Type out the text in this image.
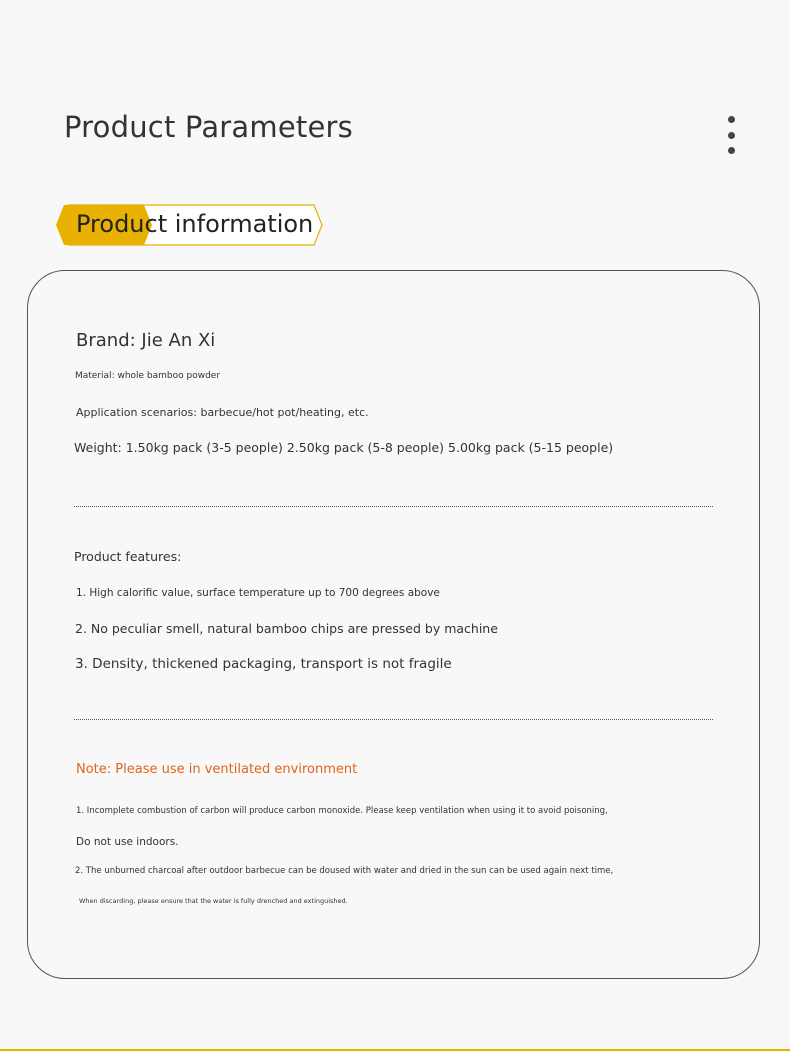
Product Parameters
Product information
Brand: Jie An Xi
Material: whole bamboo powder
Application scenarios: barbecue/hot pot/heating, etc.
Weight: 1.50kg pack (3-5 people) 2.50kg pack (5-8 people) 5.00kg pack (5-15 people)
Product features:
1. High calorific value, surface temperature up to 700 degrees above
2. No peculiar smell, natural bamboo chips are pressed by machine
3. Density, thickened packaging, transport is not fragile
Note: Please use in ventilated environment
1. Incomplete combustion of carbon will produce carbon monoxide. Please keep ventilation when using it to avoid poisoning,
Do not use indoors.
2. The unburned charcoal after outdoor barbecue can be doused with water and dried in the sun can be used again next time,
When discarding, please ensure that the water is fully drenched and extinguished.
